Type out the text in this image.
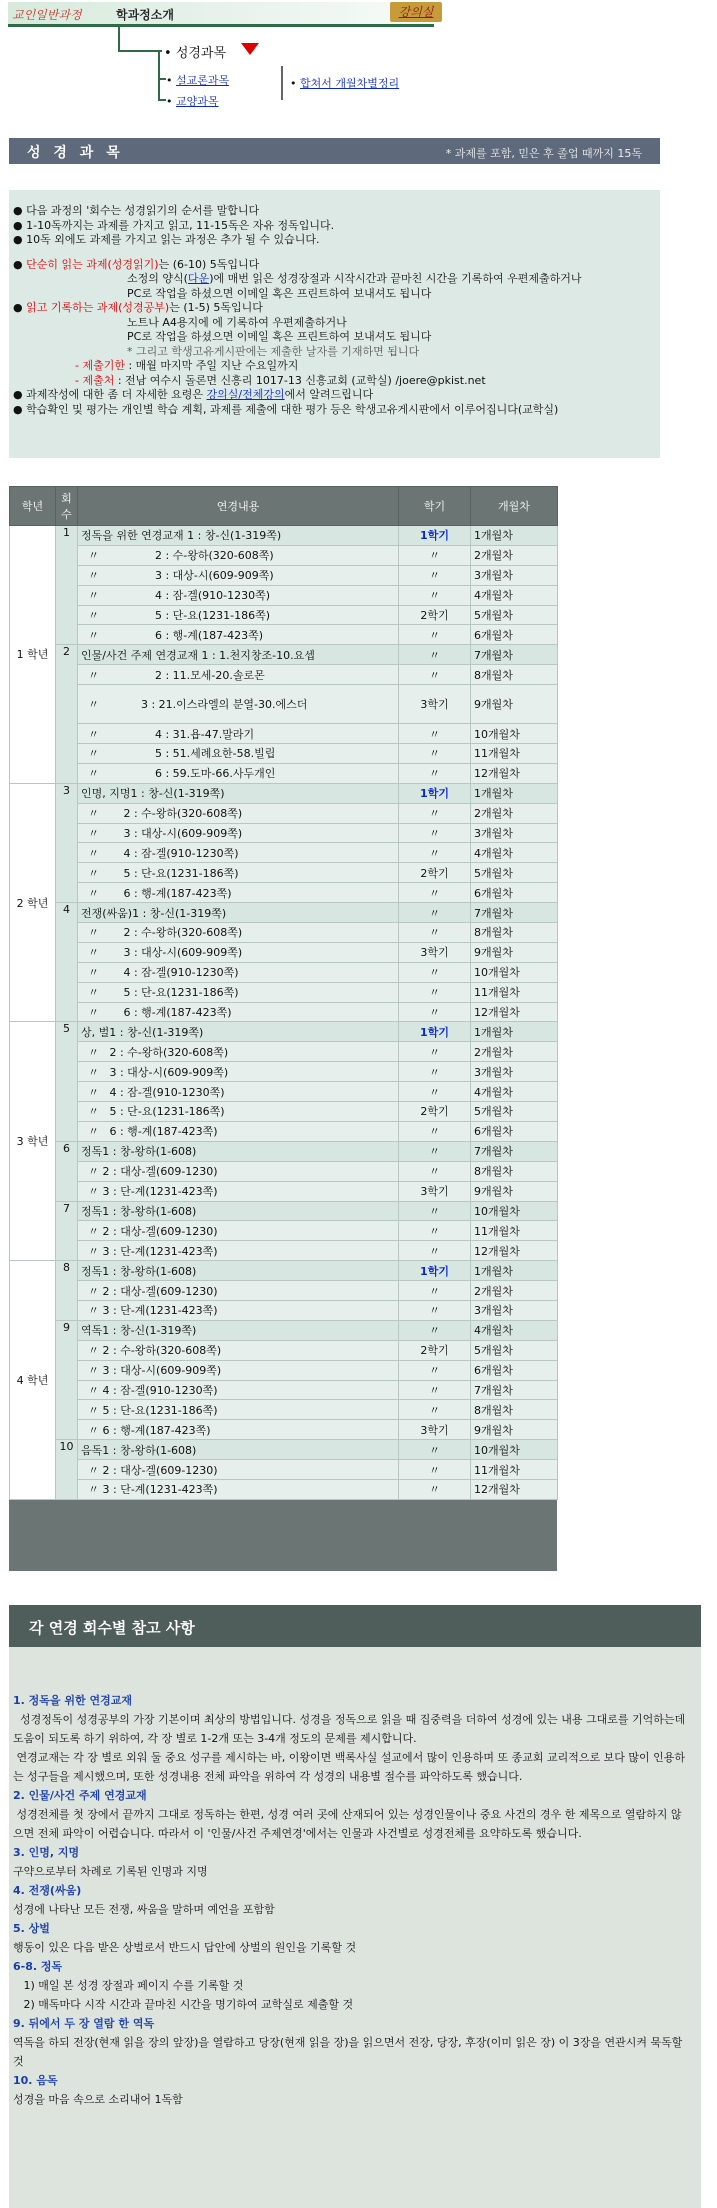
교인일반과정	학과정소개	강의실
• 성경과목
• 설교론과목
• 교양과목
• 합쳐서 개월차별정리
성 경 과 목	* 과제를 포함, 믿은 후 졸업 때까지 15독

● 다음 과정의 '회수는 성경읽기의 순서를 말합니다

● 1-10독까지는 과제를 가지고 읽고, 11-15독은 자유 정독입니다.

● 10독 외에도 과제를 가지고 읽는 과정은 추가 될 수 있습니다.

● 단순히 읽는 과제(성경읽기)는 (6-10) 5독입니다

소정의 양식(다운)에 매번 읽은 성경장절과 시작시간과 끝마친 시간을 기록하여 우편제출하거나

PC로 작업을 하셨으면 이메일 혹은 프린트하여 보내셔도 됩니다

● 읽고 기록하는 과제(성경공부)는 (1-5) 5독입니다

노트나 A4용지에 에 기록하여 우편제출하거나

PC로 작업을 하셨으면 이메일 혹은 프린트하여 보내셔도 됩니다

* 그리고 학생고유게시판에는 제출한 날자를 기재하면 됩니다

- 제출기한 : 매월 마지막 주일 지난 수요일까지

- 제출처 : 전남 여수시 돌론면 신흥리 1017-13 신흥교회 (교학실) /joere@pkist.net

● 과제작성에 대한 좀 더 자세한 요령은 강의실/전체강의에서 알려드립니다

● 학습확인 및 평가는 개인별 학습 계획, 과제를 제출에 대한 평가 등은 학생고유게시판에서 이루어집니다(교학실)

학년	회수	연경내용	학기	개월차
1 학년	1	정독을 위한 연경교재 1 : 창-신(1-319쪽)	1학기	1개월차
		〃                2 : 수-왕하(320-608쪽)	〃	2개월차
		〃                3 : 대상-시(609-909쪽)	〃	3개월차
		〃                4 : 잠-겔(910-1230쪽)	〃	4개월차
		〃                5 : 단-요(1231-186쪽)	2학기	5개월차
		〃                6 : 행-계(187-423쪽)	〃	6개월차
	2	인물/사건 주제 연경교재 1 : 1.천지창조-10.요셉	〃	7개월차
		〃                2 : 11.모세-20.솔로몬	〃	8개월차
		〃            3 : 21.이스라엘의 분열-30.에스더	3학기	9개월차
		〃                4 : 31.욥-47.말라기	〃	10개월차
		〃                5 : 51.세례요한-58.빌립	〃	11개월차
		〃                6 : 59.도마-66.사두개인	〃	12개월차
2 학년	3	인명, 지명1 : 창-신(1-319쪽)	1학기	1개월차
		〃       2 : 수-왕하(320-608쪽)	〃	2개월차
		〃       3 : 대상-시(609-909쪽)	〃	3개월차
		〃       4 : 잠-겔(910-1230쪽)	〃	4개월차
		〃       5 : 단-요(1231-186쪽)	2학기	5개월차
		〃       6 : 행-계(187-423쪽)	〃	6개월차
	4	전쟁(싸움)1 : 창-신(1-319쪽)	〃	7개월차
		〃       2 : 수-왕하(320-608쪽)	〃	8개월차
		〃       3 : 대상-시(609-909쪽)	3학기	9개월차
		〃       4 : 잠-겔(910-1230쪽)	〃	10개월차
		〃       5 : 단-요(1231-186쪽)	〃	11개월차
		〃       6 : 행-계(187-423쪽)	〃	12개월차
3 학년	5	상, 벌1 : 창-신(1-319쪽)	1학기	1개월차
		〃   2 : 수-왕하(320-608쪽)	〃	2개월차
		〃   3 : 대상-시(609-909쪽)	〃	3개월차
		〃   4 : 잠-겔(910-1230쪽)	〃	4개월차
		〃   5 : 단-요(1231-186쪽)	2학기	5개월차
		〃   6 : 행-계(187-423쪽)	〃	6개월차
	6	정독1 : 창-왕하(1-608)	〃	7개월차
		〃 2 : 대상-겔(609-1230)	〃	8개월차
		〃 3 : 단-계(1231-423쪽)	3학기	9개월차
	7	정독1 : 창-왕하(1-608)	〃	10개월차
		〃 2 : 대상-겔(609-1230)	〃	11개월차
		〃 3 : 단-계(1231-423쪽)	〃	12개월차
4 학년	8	정독1 : 창-왕하(1-608)	1학기	1개월차
		〃 2 : 대상-겔(609-1230)	〃	2개월차
		〃 3 : 단-계(1231-423쪽)	〃	3개월차
	9	역독1 : 창-신(1-319쪽)	〃	4개월차
		〃 2 : 수-왕하(320-608쪽)	2학기	5개월차
		〃 3 : 대상-시(609-909쪽)	〃	6개월차
		〃 4 : 잠-겔(910-1230쪽)	〃	7개월차
		〃 5 : 단-요(1231-186쪽)	〃	8개월차
		〃 6 : 행-계(187-423쪽)	3학기	9개월차
	10	음독1 : 창-왕하(1-608)	〃	10개월차
		〃 2 : 대상-겔(609-1230)	〃	11개월차
		〃 3 : 단-계(1231-423쪽)	〃	12개월차
각 연경 회수별 참고 사항

1. 정독을 위한 연경교재

성경정독이 성경공부의 가장 기본이며 최상의 방법입니다. 성경을 정독으로 읽을 때 집중력을 더하여 성경에 있는 내용 그대로를 기억하는데 도움이 되도록 하기 위하여, 각 장 별로 1-2개 또는 3-4개 정도의 문제를 제시합니다.
연경교재는 각 장 별로 외워 둘 중요 성구를 제시하는 바, 이왕이면 백록사실 설교에서 많이 인용하며 또 종교회 교리적으로 보다 많이 인용하는 성구들을 제시했으며, 또한 성경내용 전체 파악을 위하여 각 성경의 내용별 절수를 파악하도록 했습니다.

2. 인물/사건 주제 연경교재

성경전체를 첫 장에서 끝까지 그대로 정독하는 한편, 성경 여러 곳에 산재되어 있는 성경인물이나 중요 사건의 경우 한 제목으로 열람하지 않으면 전체 파악이 어렵습니다. 따라서 이 '인물/사건 주제연경'에서는 인물과 사건별로 성경전체를 요약하도록 했습니다.

3. 인명, 지명

구약으로부터 차례로 기록된 인명과 지명

4. 전쟁(싸움)

성경에 나타난 모든 전쟁, 싸움을 말하며 예언을 포함함

5. 상벌

행동이 있은 다음 받은 상벌로서 반드시 답안에 상벌의 원인을 기록할 것

6-8. 정독

1) 매일 본 성경 장절과 페이지 수를 기록할 것
2) 매독마다 시작 시간과 끝마친 시간을 명기하여 교학실로 제출할 것

9. 뒤에서 두 장 열람 한 역독

역독을 하되 전장(현재 읽을 장의 앞장)을 열람하고 당장(현재 읽을 장)을 읽으면서 전장, 당장, 후장(이미 읽은 장) 이 3장을 연관시켜 묵독할 것

10. 음독

성경을 마음 속으로 소리내어 1독함
